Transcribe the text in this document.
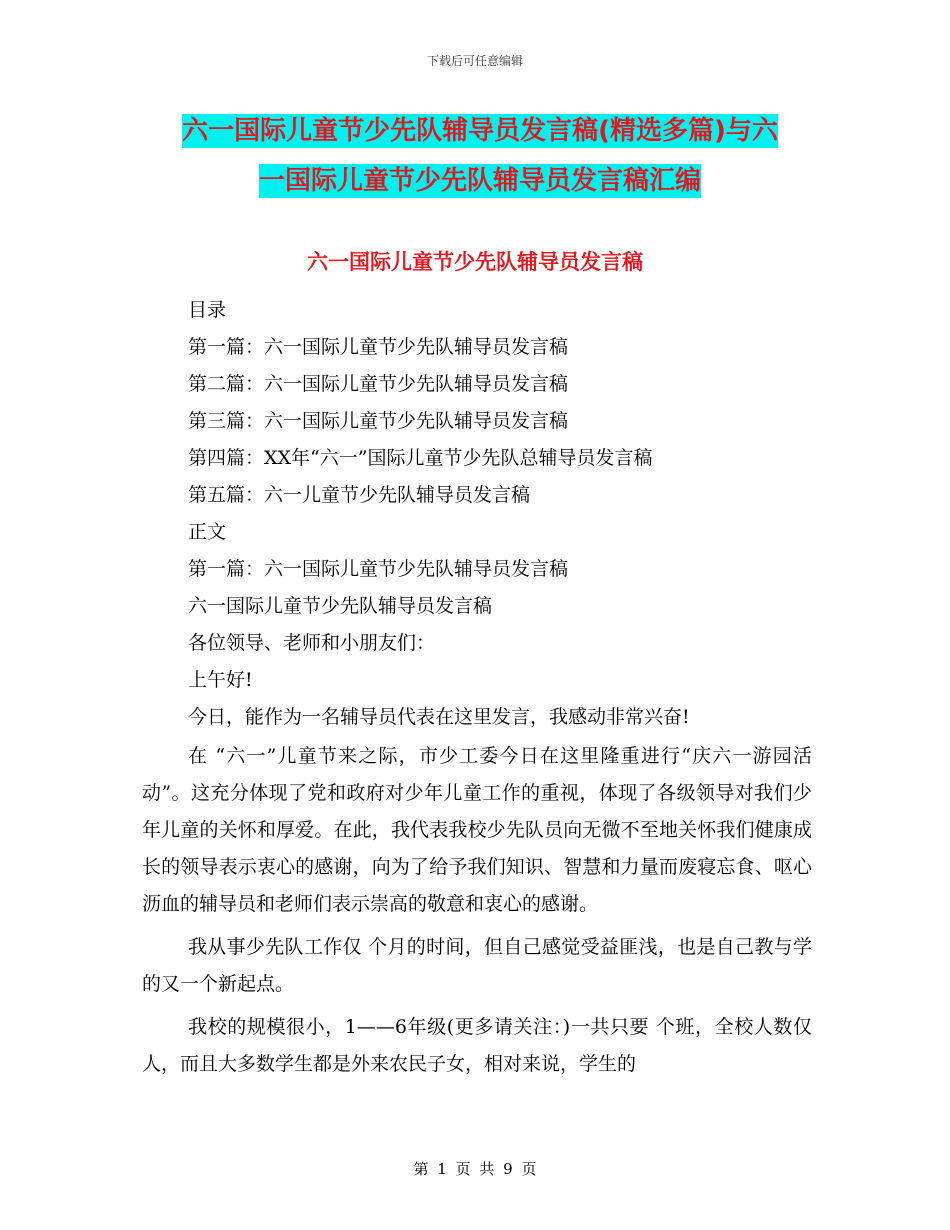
下载后可任意编辑
六一国际儿童节少先队辅导员发言稿(精选多篇)与六
一国际儿童节少先队辅导员发言稿汇编
六一国际儿童节少先队辅导员发言稿
目录
第一篇：六一国际儿童节少先队辅导员发言稿
第二篇：六一国际儿童节少先队辅导员发言稿
第三篇：六一国际儿童节少先队辅导员发言稿
第四篇：XX年“六一”国际儿童节少先队总辅导员发言稿
第五篇：六一儿童节少先队辅导员发言稿
正文
第一篇：六一国际儿童节少先队辅导员发言稿
六一国际儿童节少先队辅导员发言稿
各位领导、老师和小朋友们：
上午好!
今日，能作为一名辅导员代表在这里发言，我感动非常兴奋!

在 “六一”儿童节来之际，市少工委今日在这里隆重进行“庆六一游园活动”。这充分体现了党和政府对少年儿童工作的重视，体现了各级领导对我们少年儿童的关怀和厚爱。在此，我代表我校少先队员向无微不至地关怀我们健康成长的领导表示衷心的感谢，向为了给予我们知识、智慧和力量而废寝忘食、呕心沥血的辅导员和老师们表示崇高的敬意和衷心的感谢。

我从事少先队工作仅 个月的时间，但自己感觉受益匪浅，也是自己教与学的又一个新起点。

我校的规模很小，1——6年级(更多请关注：)一共只要 个班，全校人数仅 人，而且大多数学生都是外来农民子女，相对来说，学生的

第 1 页 共 9 页
